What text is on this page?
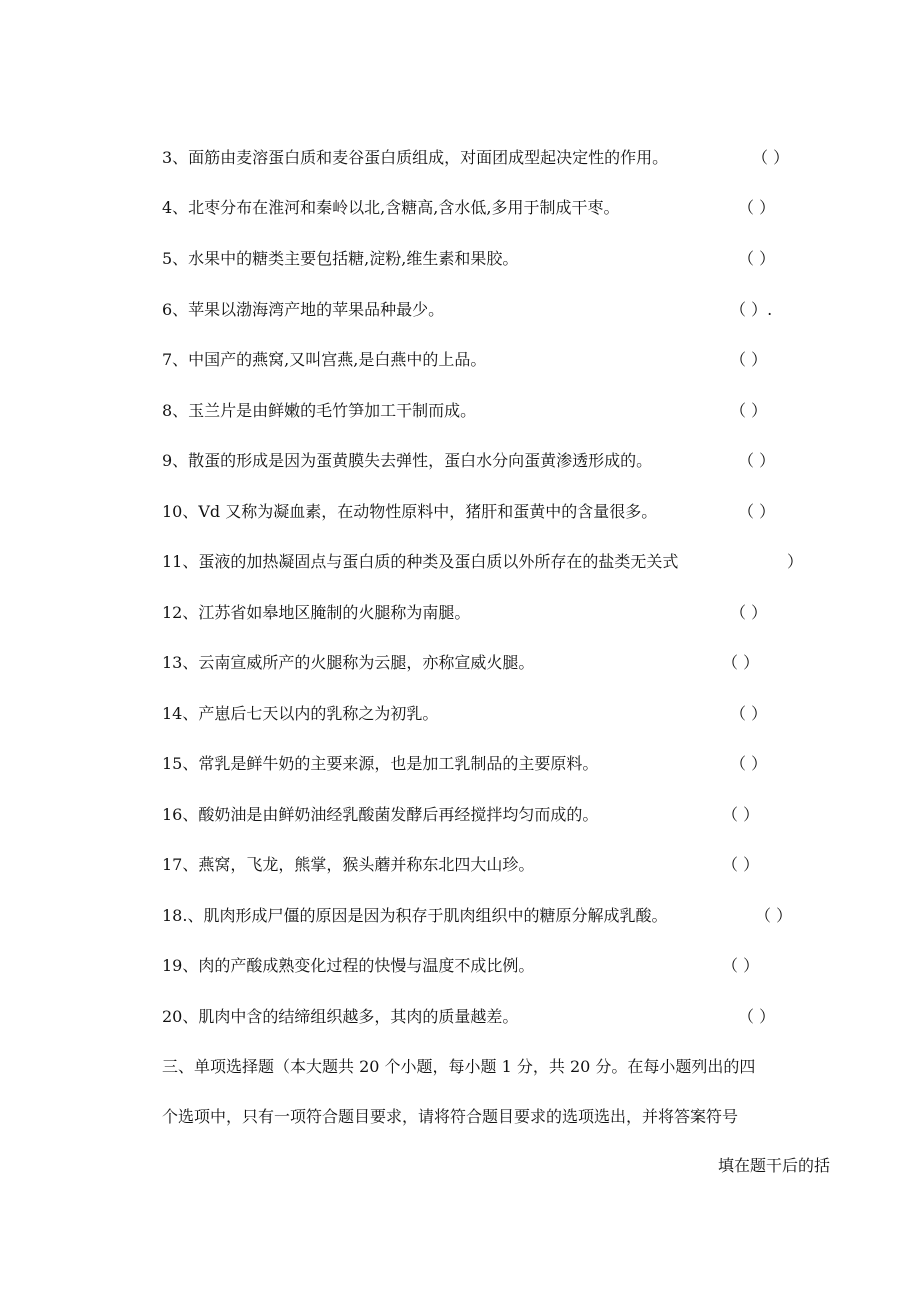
3、面筋由麦溶蛋白质和麦谷蛋白质组成，对面团成型起决定性的作用。	（ ）
4、北枣分布在淮河和秦岭以北,含糖高,含水低,多用于制成干枣。	（ ）
5、水果中的糖类主要包括糖,淀粉,维生素和果胶。	（ ）
6、苹果以渤海湾产地的苹果品种最少。	（ ）.
7、中国产的燕窝,又叫宫燕,是白燕中的上品。	（ ）
8、玉兰片是由鲜嫩的毛竹笋加工干制而成。	（ ）
9、散蛋的形成是因为蛋黄膜失去弹性，蛋白水分向蛋黄渗透形成的。	（ ）
10、Vd 又称为凝血素，在动物性原料中，猪肝和蛋黄中的含量很多。	（ ）
11、蛋液的加热凝固点与蛋白质的种类及蛋白质以外所存在的盐类无关式	）
12、江苏省如皋地区腌制的火腿称为南腿。	（ ）
13、云南宣威所产的火腿称为云腿，亦称宣威火腿。	（ ）
14、产崽后七天以内的乳称之为初乳。	（ ）
15、常乳是鲜牛奶的主要来源，也是加工乳制品的主要原料。	（ ）
16、酸奶油是由鲜奶油经乳酸菌发酵后再经搅拌均匀而成的。	（ ）
17、燕窝，飞龙，熊掌，猴头蘑并称东北四大山珍。	（ ）
18.、肌肉形成尸僵的原因是因为积存于肌肉组织中的糖原分解成乳酸。	（ ）
19、肉的产酸成熟变化过程的快慢与温度不成比例。	（ ）
20、肌肉中含的结缔组织越多，其肉的质量越差。	（ ）
三、单项选择题（本大题共 20 个小题，每小题 1 分，共 20 分。在每小题列出的四
个选项中，只有一项符合题目要求，请将符合题目要求的选项选出，并将答案符号
填在题干后的括
